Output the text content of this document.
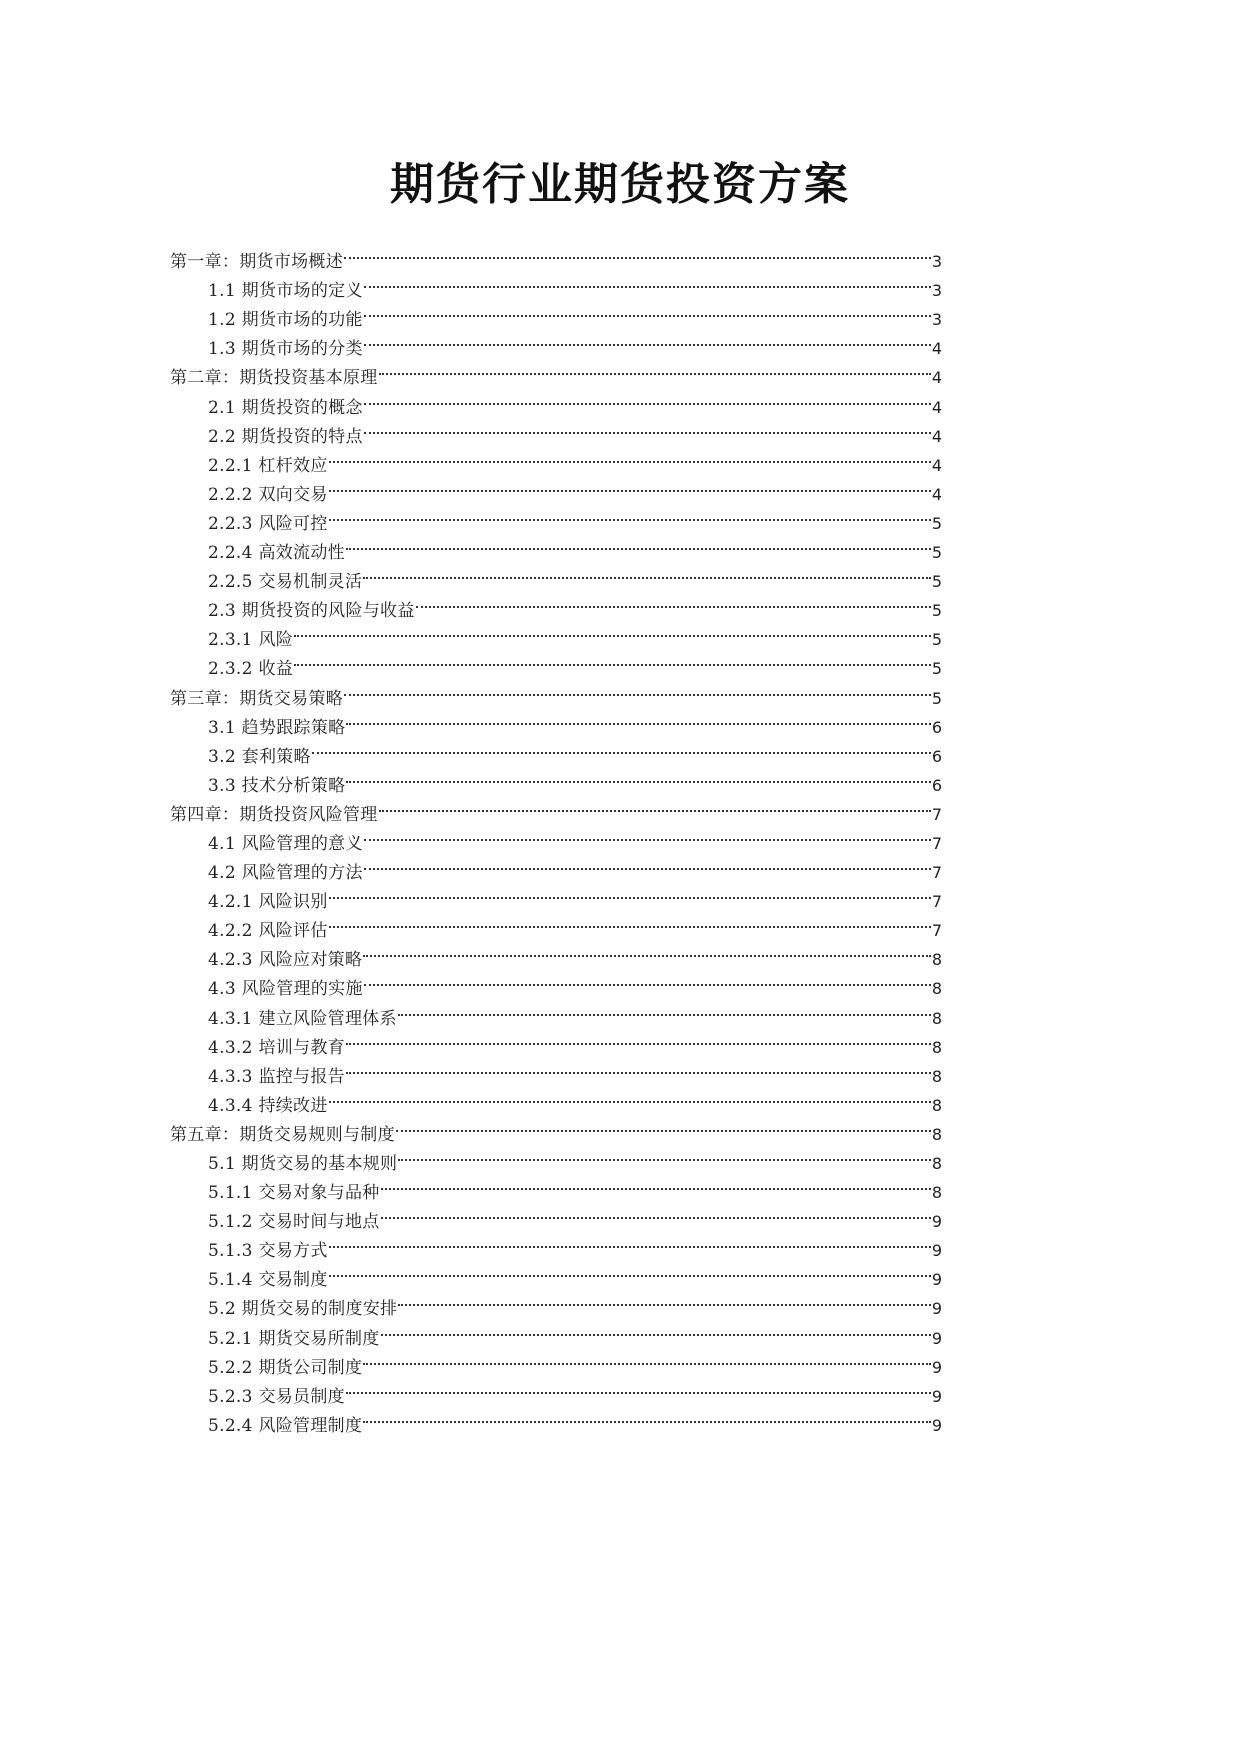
期货行业期货投资方案
第一章：期货市场概述	3
1.1 期货市场的定义	3
1.2 期货市场的功能	3
1.3 期货市场的分类	4
第二章：期货投资基本原理	4
2.1 期货投资的概念	4
2.2 期货投资的特点	4
2.2.1 杠杆效应	4
2.2.2 双向交易	4
2.2.3 风险可控	5
2.2.4 高效流动性	5
2.2.5 交易机制灵活	5
2.3 期货投资的风险与收益	5
2.3.1 风险	5
2.3.2 收益	5
第三章：期货交易策略	5
3.1 趋势跟踪策略	6
3.2 套利策略	6
3.3 技术分析策略	6
第四章：期货投资风险管理	7
4.1 风险管理的意义	7
4.2 风险管理的方法	7
4.2.1 风险识别	7
4.2.2 风险评估	7
4.2.3 风险应对策略	8
4.3 风险管理的实施	8
4.3.1 建立风险管理体系	8
4.3.2 培训与教育	8
4.3.3 监控与报告	8
4.3.4 持续改进	8
第五章：期货交易规则与制度	8
5.1 期货交易的基本规则	8
5.1.1 交易对象与品种	8
5.1.2 交易时间与地点	9
5.1.3 交易方式	9
5.1.4 交易制度	9
5.2 期货交易的制度安排	9
5.2.1 期货交易所制度	9
5.2.2 期货公司制度	9
5.2.3 交易员制度	9
5.2.4 风险管理制度	9
